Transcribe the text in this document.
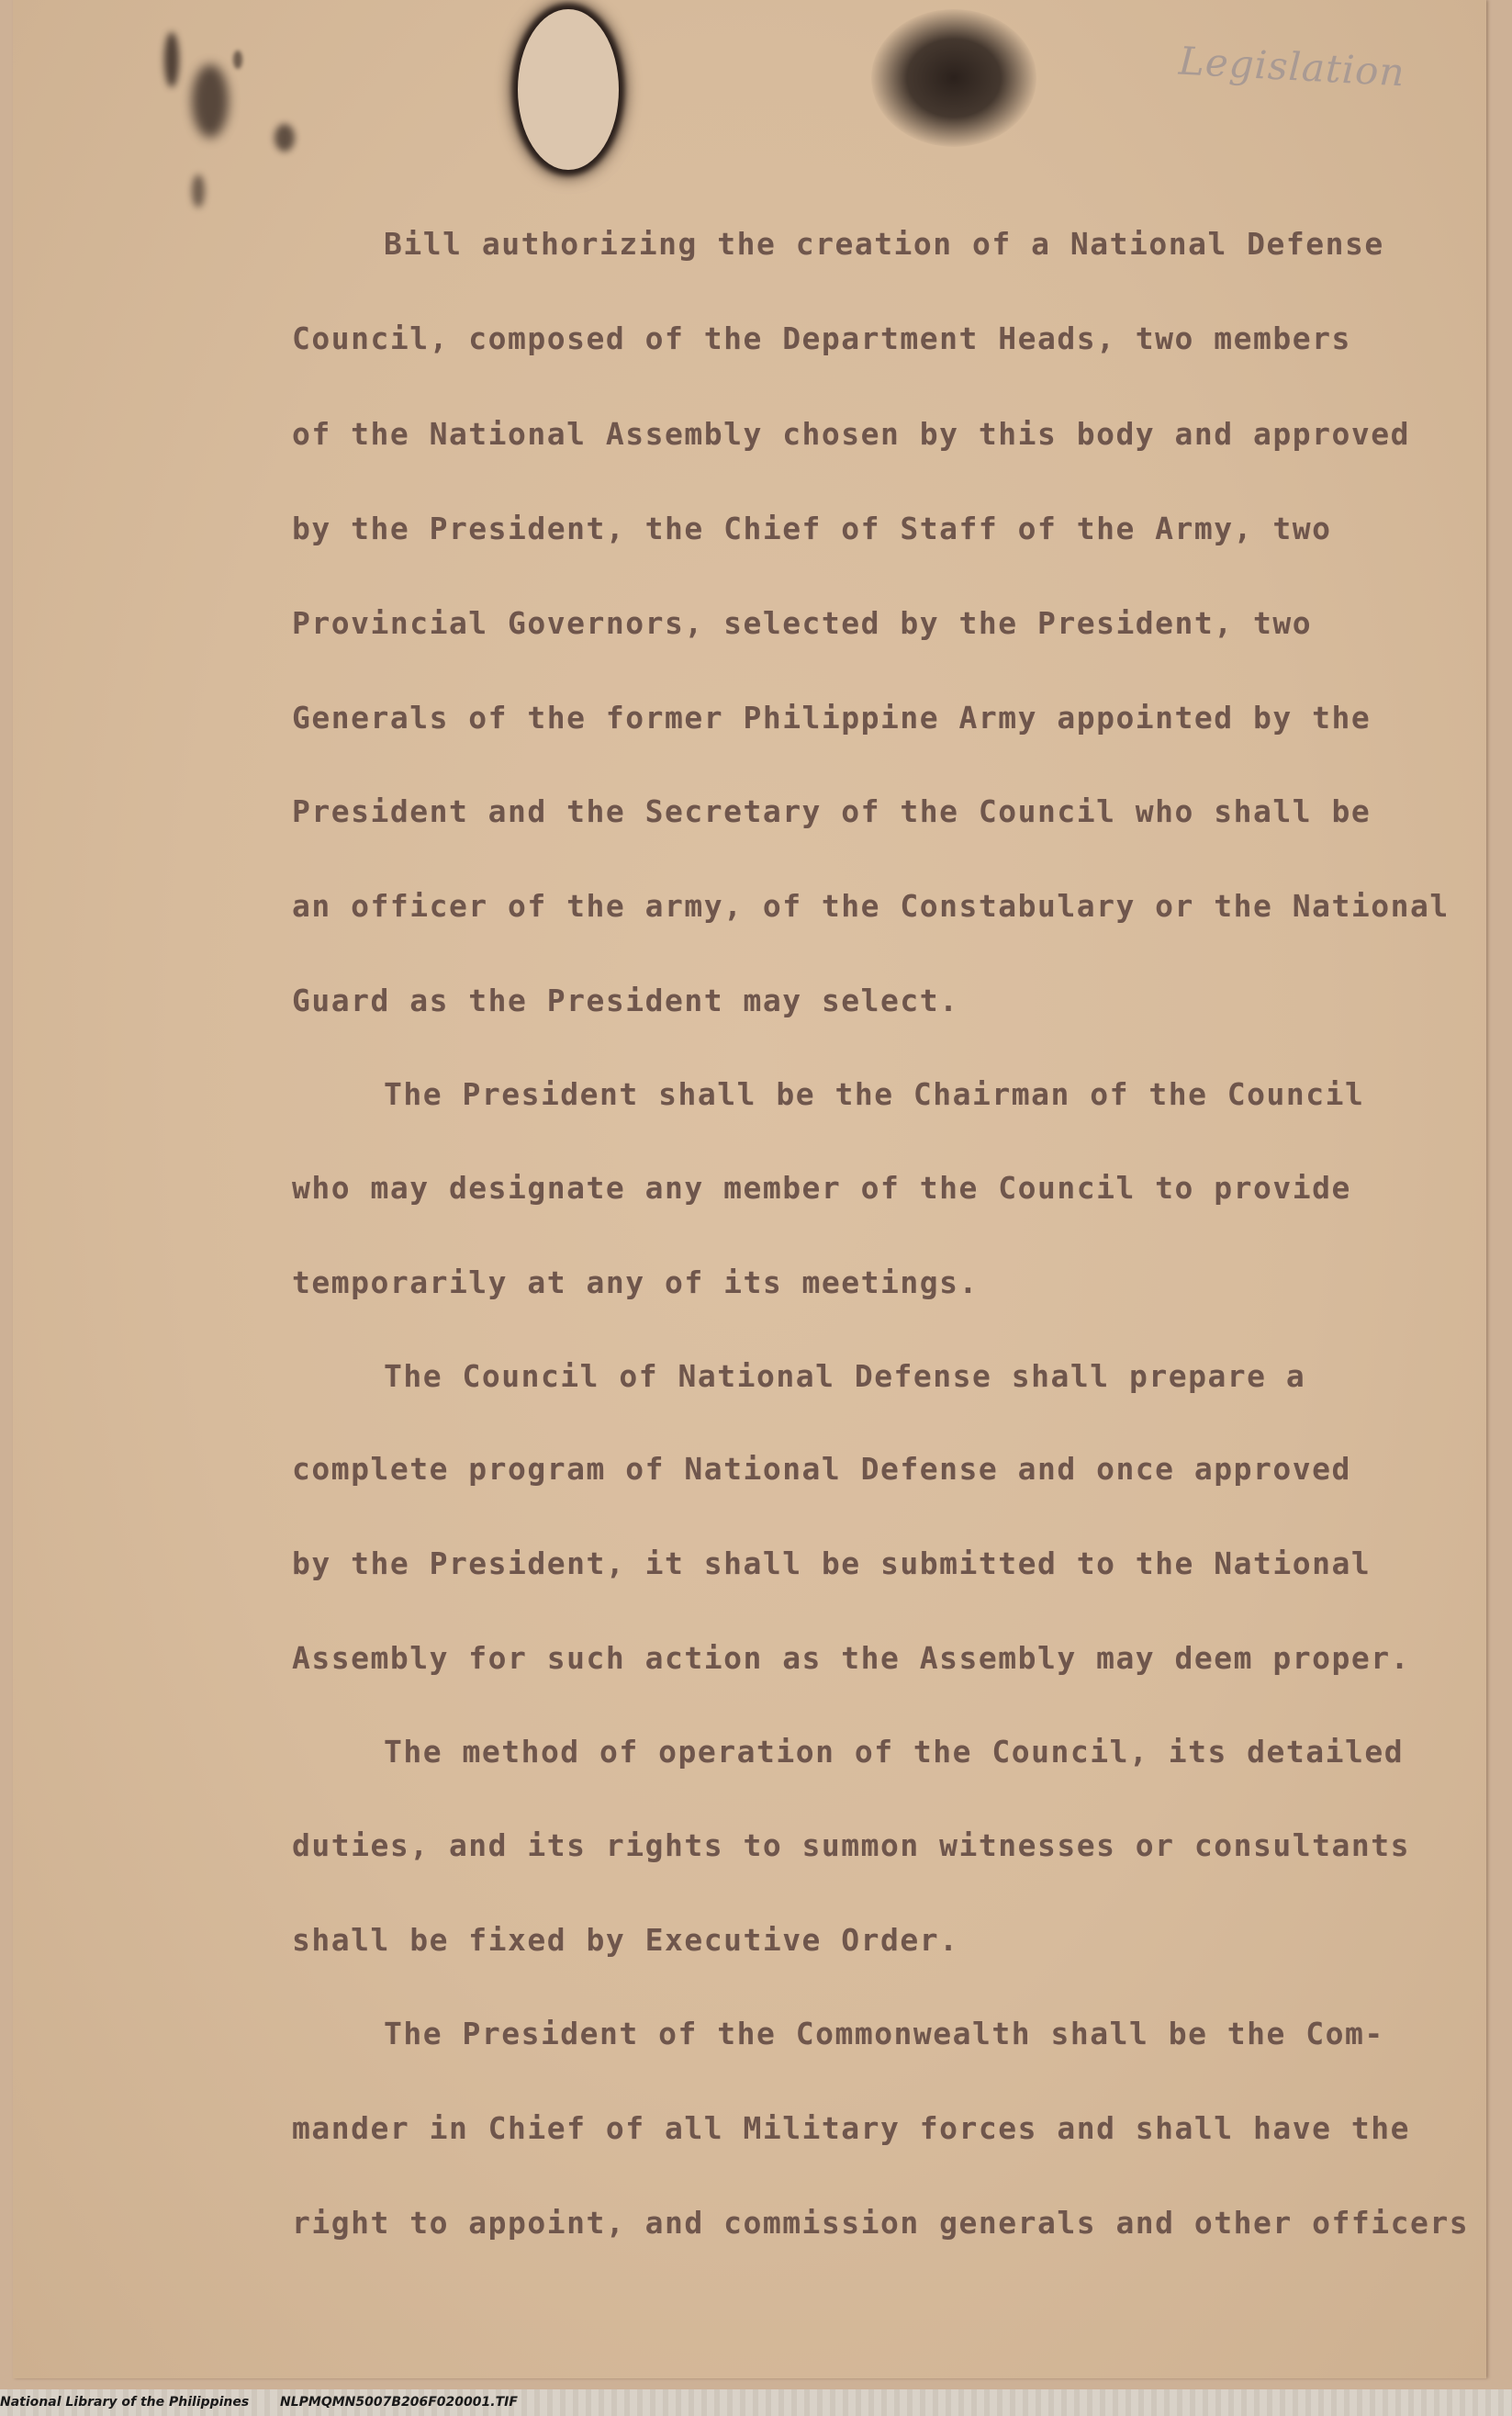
Legislation
Bill authorizing the creation of a National Defense
Council, composed of the Department Heads, two members
of the National Assembly chosen by this body and approved
by the President, the Chief of Staff of the Army, two
Provincial Governors, selected by the President, two
Generals of the former Philippine Army appointed by the
President and the Secretary of the Council who shall be
an officer of the army, of the Constabulary or the National
Guard as the President may select.
The President shall be the Chairman of the Council
who may designate any member of the Council to provide
temporarily at any of its meetings.
The Council of National Defense shall prepare a
complete program of National Defense and once approved
by the President, it shall be submitted to the National
Assembly for such action as the Assembly may deem proper.
The method of operation of the Council, its detailed
duties, and its rights to summon witnesses or consultants
shall be fixed by Executive Order.
The President of the Commonwealth shall be the Com-
mander in Chief of all Military forces and shall have the
right to appoint, and commission generals and other officers
National Library of the Philippines NLPMQMN5007B206F020001.TIF
